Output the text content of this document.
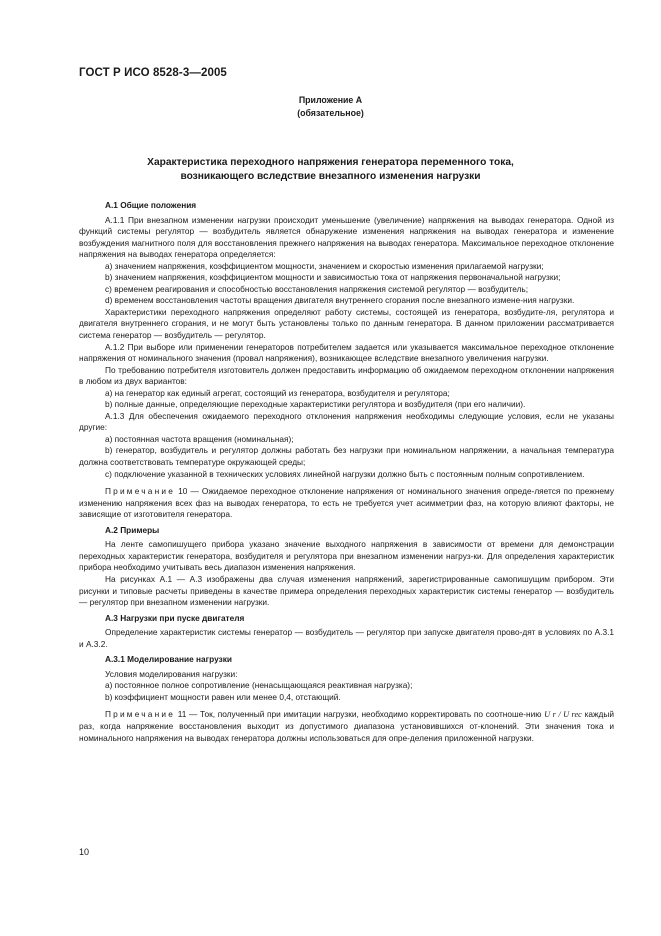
ГОСТ Р ИСО 8528-3—2005
Приложение А
(обязательное)
Характеристика переходного напряжения генератора переменного тока,
возникающего вследствие внезапного изменения нагрузки

А.1 Общие положения

А.1.1 При внезапном изменении нагрузки происходит уменьшение (увеличение) напряжения на выводах генератора. Одной из функций системы регулятор — возбудитель является обнаружение изменения напряжения на выводах генератора и изменение возбуждения магнитного поля для восстановления прежнего напряжения на выводах генератора. Максимальное переходное отклонение напряжения на выводах генератора определяется:

а) значением напряжения, коэффициентом мощности, значением и скоростью изменения прилагаемой нагрузки;

b) значением напряжения, коэффициентом мощности и зависимостью тока от напряжения первоначальной нагрузки;

с) временем реагирования и способностью восстановления напряжения системой регулятор — возбудитель;

d) временем восстановления частоты вращения двигателя внутреннего сгорания после внезапного измене-ния нагрузки.

Характеристики переходного напряжения определяют работу системы, состоящей из генератора, возбудите-ля, регулятора и двигателя внутреннего сгорания, и не могут быть установлены только по данным генератора. В данном приложении рассматривается система генератор — возбудитель — регулятор.

А.1.2 При выборе или применении генераторов потребителем задается или указывается максимальное переходное отклонение напряжения от номинального значения (провал напряжения), возникающее вследствие внезапного увеличения нагрузки.

По требованию потребителя изготовитель должен предоставить информацию об ожидаемом переходном отклонении напряжения в любом из двух вариантов:

а) на генератор как единый агрегат, состоящий из генератора, возбудителя и регулятора;

b) полные данные, определяющие переходные характеристики регулятора и возбудителя (при его наличии).

А.1.3 Для обеспечения ожидаемого переходного отклонения напряжения необходимы следующие условия, если не указаны другие:

а) постоянная частота вращения (номинальная);

b) генератор, возбудитель и регулятор должны работать без нагрузки при номинальном напряжении, а начальная температура должна соответствовать температуре окружающей среды;

с) подключение указанной в технических условиях линейной нагрузки должно быть с постоянным полным сопротивлением.

Примечание 10 — Ожидаемое переходное отклонение напряжения от номинального значения опреде-ляется по прежнему изменению напряжения всех фаз на выводах генератора, то есть не требуется учет асимметрии фаз, на которую влияют факторы, не зависящие от изготовителя генератора.

А.2 Примеры

На ленте самопишущего прибора указано значение выходного напряжения в зависимости от времени для демонстрации переходных характеристик генератора, возбудителя и регулятора при внезапном изменении нагруз-ки. Для определения характеристик прибора необходимо учитывать весь диапазон изменения напряжения.

На рисунках А.1 — А.3 изображены два случая изменения напряжений, зарегистрированные самопишущим прибором. Эти рисунки и типовые расчеты приведены в качестве примера определения переходных характеристик системы генератор — возбудитель — регулятор при внезапном изменении нагрузки.

А.3 Нагрузки при пуске двигателя

Определение характеристик системы генератор — возбудитель — регулятор при запуске двигателя прово-дят в условиях по А.3.1 и А.3.2.

А.3.1 Моделирование нагрузки

Условия моделирования нагрузки:

а) постоянное полное сопротивление (ненасыщающаяся реактивная нагрузка);

b) коэффициент мощности равен или менее 0,4, отстающий.

Примечание 11 — Ток, полученный при имитации нагрузки, необходимо корректировать по соотноше-нию U r / U rec каждый раз, когда напряжение восстановления выходит из допустимого диапазона установившихся от-клонений. Эти значения тока и номинального напряжения на выводах генератора должны использоваться для опре-деления приложенной нагрузки.

10
